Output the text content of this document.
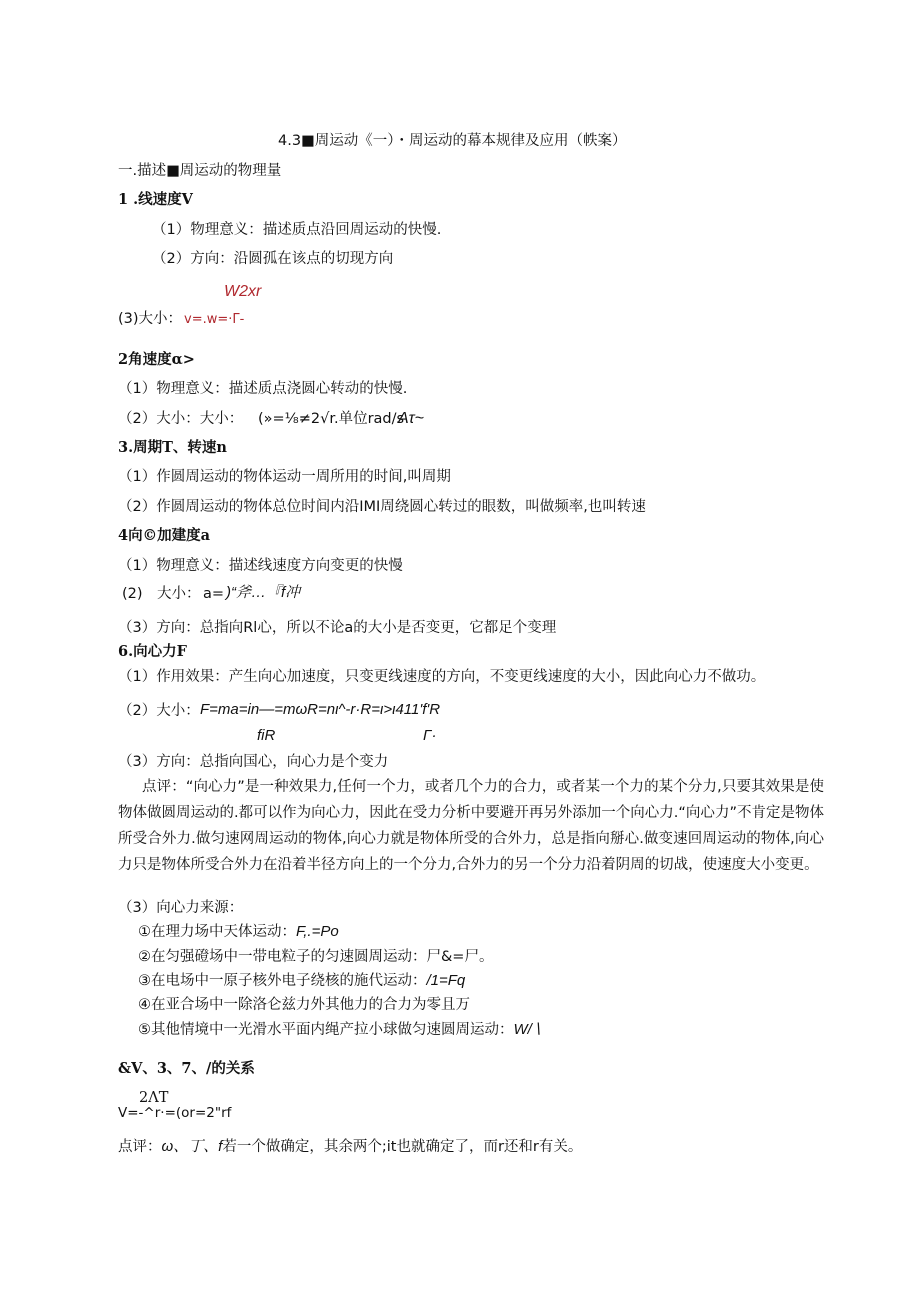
4.3■周运动《一）・周运动的幕本规律及应用（帙案）
一.描述■周运动的物理量
1 .线速度V
（1）物理意义：描述质点沿回周运动的快慢.
（2）方向：沿圆孤在该点的切现方向
W2xr
(3)大小： v=.w=·Γ-
2角速度α>
（1）物理意义：描述质点浇圆心转动的快慢.
（2）大小：大小： (»=⅛≠2√r.单位rad/s
Aτ~
3.周期T、转速n
（1）作圆周运动的物体运动一周所用的时间,叫周期
（2）作圆周运动的物体总位时间内沿IMI周绕圆心转过的眼数，叫做频率,也叫转速
4向©加建度a
（1）物理意义：描述线速度方向变更的快慢
(2)　大小： a= )“斧…『f冲
（3）方向：总指向Rl心，所以不论a的大小是否变更，它都足个变理
6.向心力F
（1）作用效果：产生向心加速度，只变更线速度的方向，不变更线速度的大小，因此向心力不做功。
（2）大小： F=ma=in—=mωR=nι^-r·R=ι>ι411'f'R
fiR	Γ·
（3）方向：总指向国心，向心力是个变力
点评：“向心力”是一种效果力,任何一个力，或者几个力的合力，或者某一个力的某个分力,只要其效果是使物体做圆周运动的.都可以作为向心力，因此在受力分析中要避开再另外添加一个向心力.“向心力”不肯定是物体所受合外力.做匀速网周运动的物体,向心力就是物体所受的合外力，总是指向掰心.做变速回周运动的物体,向心力只是物体所受合外力在沿着半径方向上的一个分力,合外力的另一个分力沿着阴周的切战，使速度大小变更。
（3）向心力来源：
①在理力场中天体运动：F,.=Po
②在匀强磴场中一带电粒子的匀速圆周运动：尸&=尸。
③在电场中一原子核外电子绕核的施代运动：/1=Fq
④在亚合场中一除洛仑兹力外其他力的合力为零且万
⑤其他情境中一光滑水平面内绳产拉小球做匀速圆周运动：W/∖
&V、3、7、/的关系
2ΛT
V=-^r·=(or=2"rf
点评：ω、丁、f若一个做确定，其余两个;it也就确定了，而r还和r有关。
